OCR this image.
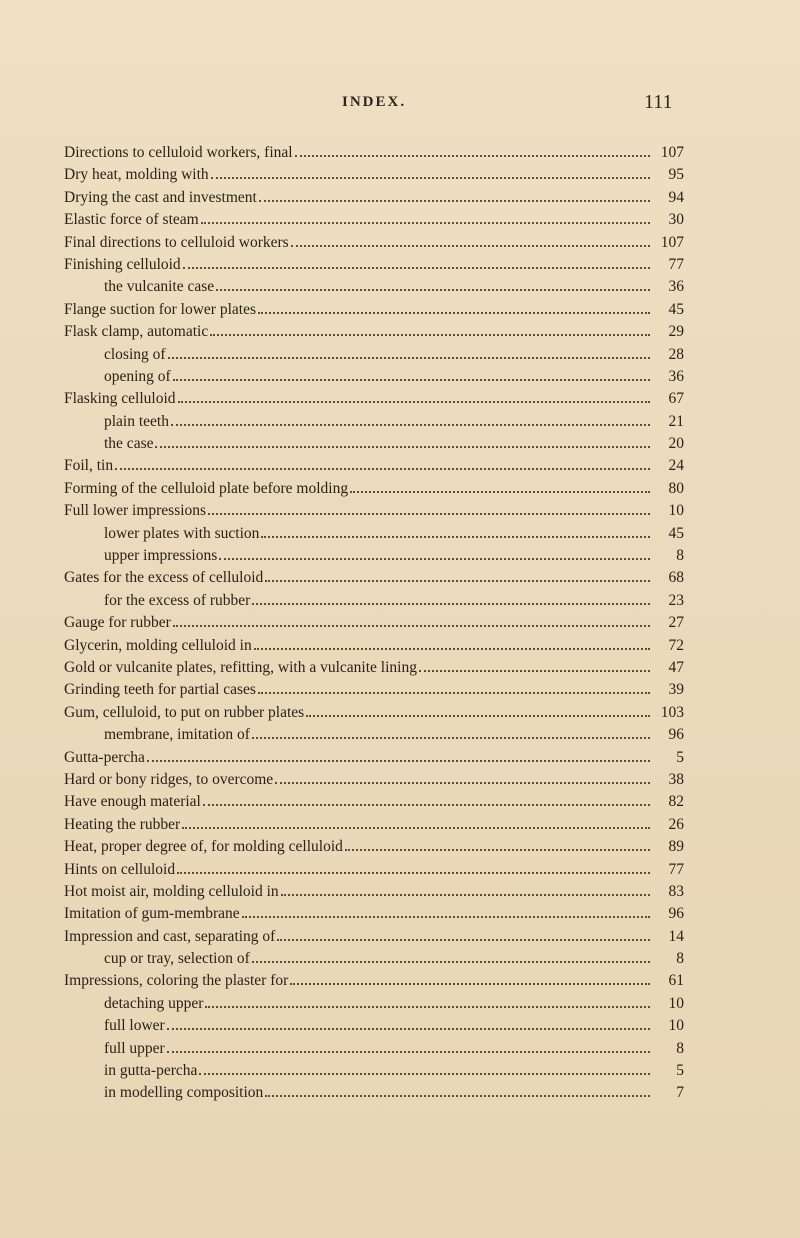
INDEX.	111
Directions to celluloid workers, final	107
Dry heat, molding with	95
Drying the cast and investment	94
Elastic force of steam	30
Final directions to celluloid workers	107
Finishing celluloid	77
the vulcanite case	36
Flange suction for lower plates	45
Flask clamp, automatic	29
closing of	28
opening of	36
Flasking celluloid	67
plain teeth	21
the case	20
Foil, tin	24
Forming of the celluloid plate before molding	80
Full lower impressions	10
lower plates with suction	45
upper impressions	8
Gates for the excess of celluloid	68
for the excess of rubber	23
Gauge for rubber	27
Glycerin, molding celluloid in	72
Gold or vulcanite plates, refitting, with a vulcanite lining	47
Grinding teeth for partial cases	39
Gum, celluloid, to put on rubber plates	103
membrane, imitation of	96
Gutta-percha	5
Hard or bony ridges, to overcome	38
Have enough material	82
Heating the rubber	26
Heat, proper degree of, for molding celluloid	89
Hints on celluloid	77
Hot moist air, molding celluloid in	83
Imitation of gum-membrane	96
Impression and cast, separating of	14
cup or tray, selection of	8
Impressions, coloring the plaster for	61
detaching upper	10
full lower	10
full upper	8
in gutta-percha	5
in modelling composition	7
